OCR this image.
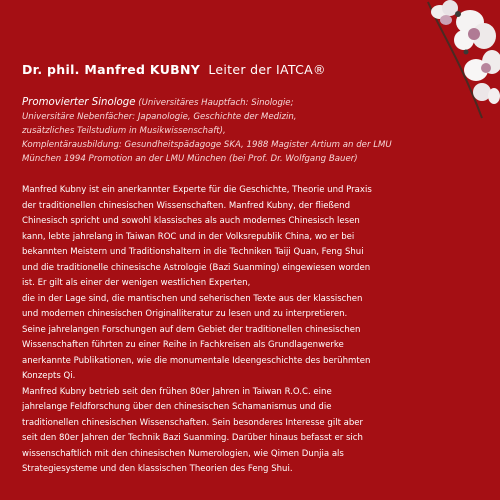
Dr. phil. Manfred KUBNY Leiter der IATCA®

Promovierter Sinologe (Universitäres Hauptfach: Sinologie;

Universitäre Nebenfächer: Japanologie, Geschichte der Medizin,

zusätzliches Teilstudium in Musikwissenschaft),

Komplentärausbildung: Gesundheitspädagoge SKA, 1988 Magister Artium an der LMU

München 1994 Promotion an der LMU München (bei Prof. Dr. Wolfgang Bauer)

Manfred Kubny ist ein anerkannter Experte für die Geschichte, Theorie und Praxis

der traditionellen chinesischen Wissenschaften. Manfred Kubny, der fließend

Chinesisch spricht und sowohl klassisches als auch modernes Chinesisch lesen

kann, lebte jahrelang in Taiwan ROC und in der Volksrepublik China, wo er bei

bekannten Meistern und Traditionshaltern in die Techniken Taiji Quan, Feng Shui

und die traditionelle chinesische Astrologie (Bazi Suanming) eingewiesen worden

ist. Er gilt als einer der wenigen westlichen Experten,

die in der Lage sind, die mantischen und seherischen Texte aus der klassischen

und modernen chinesischen Originalliteratur zu lesen und zu interpretieren.

Seine jahrelangen Forschungen auf dem Gebiet der traditionellen chinesischen

Wissenschaften führten zu einer Reihe in Fachkreisen als Grundlagenwerke

anerkannte Publikationen, wie die monumentale Ideengeschichte des berühmten

Konzepts Qi.

Manfred Kubny betrieb seit den frühen 80er Jahren in Taiwan R.O.C. eine

jahrelange Feldforschung über den chinesischen Schamanismus und die

traditionellen chinesischen Wissenschaften. Sein besonderes Interesse gilt aber

seit den 80er Jahren der Technik Bazi Suanming. Darüber hinaus befasst er sich

wissenschaftlich mit den chinesischen Numerologien, wie Qimen Dunjia als

Strategiesysteme und den klassischen Theorien des Feng Shui.
